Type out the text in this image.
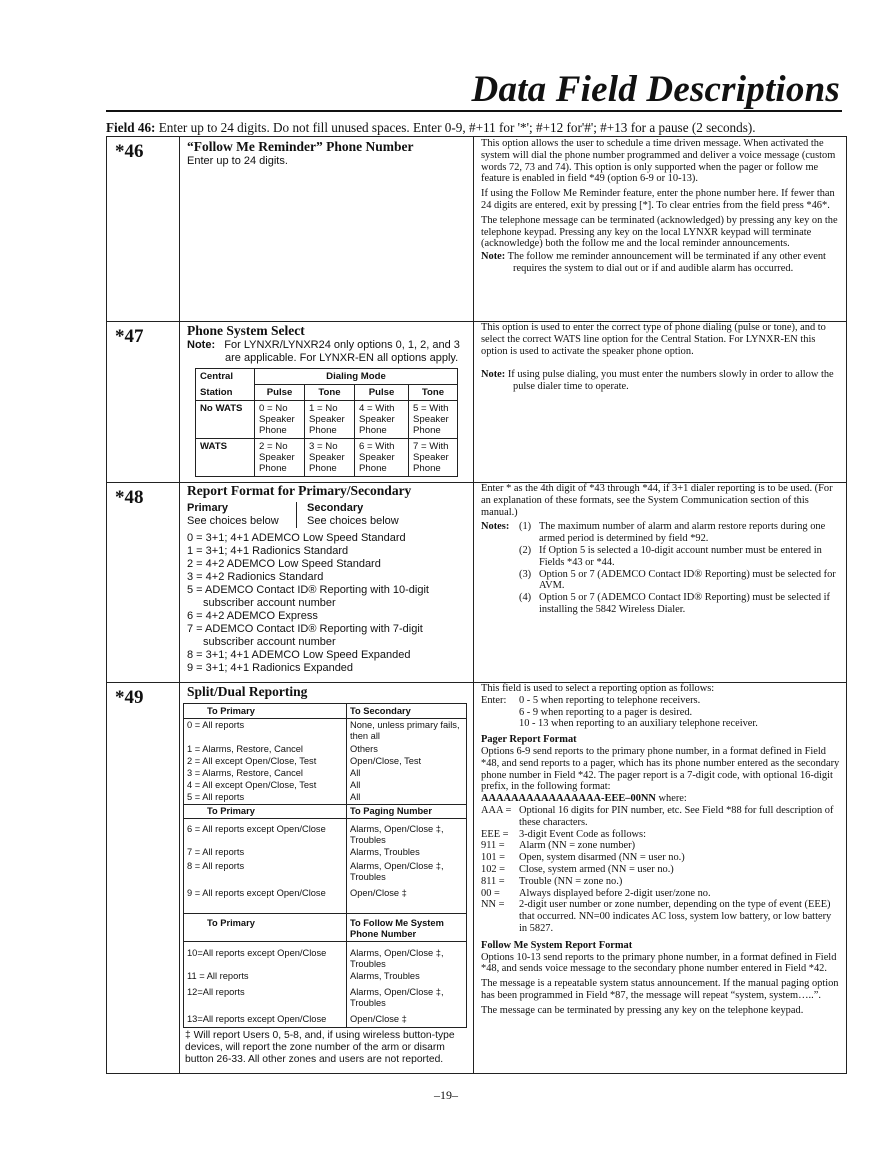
Data Field Descriptions
Field 46: Enter up to 24 digits. Do not fill unused spaces. Enter 0-9, #+11 for '*'; #+12 for'#'; #+13 for a pause (2 seconds).
*46	“Follow Me Reminder” Phone Number
Enter up to 24 digits.

This option allows the user to schedule a time driven message. When activated the system will dial the phone number programmed and deliver a voice message (custom words 72, 73 and 74). This option is only supported when the pager or follow me feature is enabled in field *49 (option 6-9 or 10-13).

If using the Follow Me Reminder feature, enter the phone number here. If fewer than 24 digits are entered, exit by pressing [*]. To clear entries from the field press *46*.

The telephone message can be terminated (acknowledged) by pressing any key on the telephone keypad. Pressing any key on the local LYNXR keypad will terminate (acknowledge) both the follow me and the local reminder announcements.

Note: The follow me reminder announcement will be terminated if any other event requires the system to dial out or if and audible alarm has occurred.
*47	Phone System Select
Note: For LYNXR/LYNXR24 only options 0, 1, 2, and 3 are applicable. For LYNXR-EN all options apply.
Central	Dialing Mode			
Station	Pulse	Tone	Pulse	Tone
No WATS	0 = No Speaker Phone	1 = No Speaker Phone	4 = With Speaker Phone	5 = With Speaker Phone
WATS	2 = No Speaker Phone	3 = No Speaker Phone	6 = With Speaker Phone	7 = With Speaker Phone

This option is used to enter the correct type of phone dialing (pulse or tone), and to select the correct WATS line option for the Central Station. For LYNXR-EN this option is used to activate the speaker phone option.

Note: If using pulse dialing, you must enter the numbers slowly in order to allow the pulse dialer time to operate.
*48	Report Format for Primary/Secondary
Primary
See choices below
Secondary
See choices below
0 = 3+1; 4+1 ADEMCO Low Speed Standard
1 = 3+1; 4+1 Radionics Standard
2 = 4+2 ADEMCO Low Speed Standard
3 = 4+2 Radionics Standard
5 = ADEMCO Contact ID® Reporting with 10-digit subscriber account number
6 = 4+2 ADEMCO Express
7 = ADEMCO Contact ID® Reporting with 7-digit subscriber account number
8 = 3+1; 4+1 ADEMCO Low Speed Expanded
9 = 3+1; 4+1 Radionics Expanded

Enter * as the 4th digit of *43 through *44, if 3+1 dialer reporting is to be used. (For an explanation of these formats, see the System Communication section of this manual.)

Notes: (1) The maximum number of alarm and alarm restore reports during one armed period is determined by field *92.
(2) If Option 5 is selected a 10-digit account number must be entered in Fields *43 or *44.
(3) Option 5 or 7 (ADEMCO Contact ID® Reporting) must be selected for AVM.
(4) Option 5 or 7 (ADEMCO Contact ID® Reporting) must be selected if installing the 5842 Wireless Dialer.
*49	Split/Dual Reporting
To Primary	To Secondary
0 = All reports	None, unless primary fails, then all
1 = Alarms, Restore, Cancel	Others
2 = All except Open/Close, Test	Open/Close, Test
3 = Alarms, Restore, Cancel	All
4 = All except Open/Close, Test	All
5 = All reports	All
To Primary	To Paging Number
6 = All reports except Open/Close	Alarms, Open/Close ‡, Troubles
7 = All reports	Alarms, Troubles
8 = All reports	Alarms, Open/Close ‡, Troubles
9 = All reports except Open/Close	Open/Close ‡
To Primary	To Follow Me System Phone Number
10=All reports except Open/Close	Alarms, Open/Close ‡, Troubles
11 = All reports	Alarms, Troubles
12=All reports	Alarms, Open/Close ‡, Troubles
13=All reports except Open/Close	Open/Close ‡
‡ Will report Users 0, 5-8, and, if using wireless button-type devices, will report the zone number of the arm or disarm button 26-33. All other zones and users are not reported.

This field is used to select a reporting option as follows:

Enter:	0 - 5 when reporting to telephone receivers.
6 - 9 when reporting to a pager is desired.
10 - 13 when reporting to an auxiliary telephone receiver.
Pager Report Format

Options 6-9 send reports to the primary phone number, in a format defined in Field *48, and send reports to a pager, which has its phone number entered as the secondary phone number in Field *42. The pager report is a 7-digit code, with optional 16-digit prefix, in the following format:

AAAAAAAAAAAAAAAA-EEE–00NN where:
AAA = Optional 16 digits for PIN number, etc. See Field *88 for full description of these characters.
EEE =	3-digit Event Code as follows:
911 =	Alarm (NN = zone number)
101 =	Open, system disarmed (NN = user no.)
102 =	Close, system armed (NN = user no.)
811 =	Trouble (NN = zone no.)
00 =	Always displayed before 2-digit user/zone no.
NN =	2-digit user number or zone number, depending on the type of event (EEE) that occurred. NN=00 indicates AC loss, system low battery, or low battery in 5827.
Follow Me System Report Format

Options 10-13 send reports to the primary phone number, in a format defined in Field *48, and sends voice message to the secondary phone number entered in Field *42.

The message is a repeatable system status announcement. If the manual paging option has been programmed in Field *87, the message will repeat “system, system…..”.

The message can be terminated by pressing any key on the telephone keypad.

–19–
